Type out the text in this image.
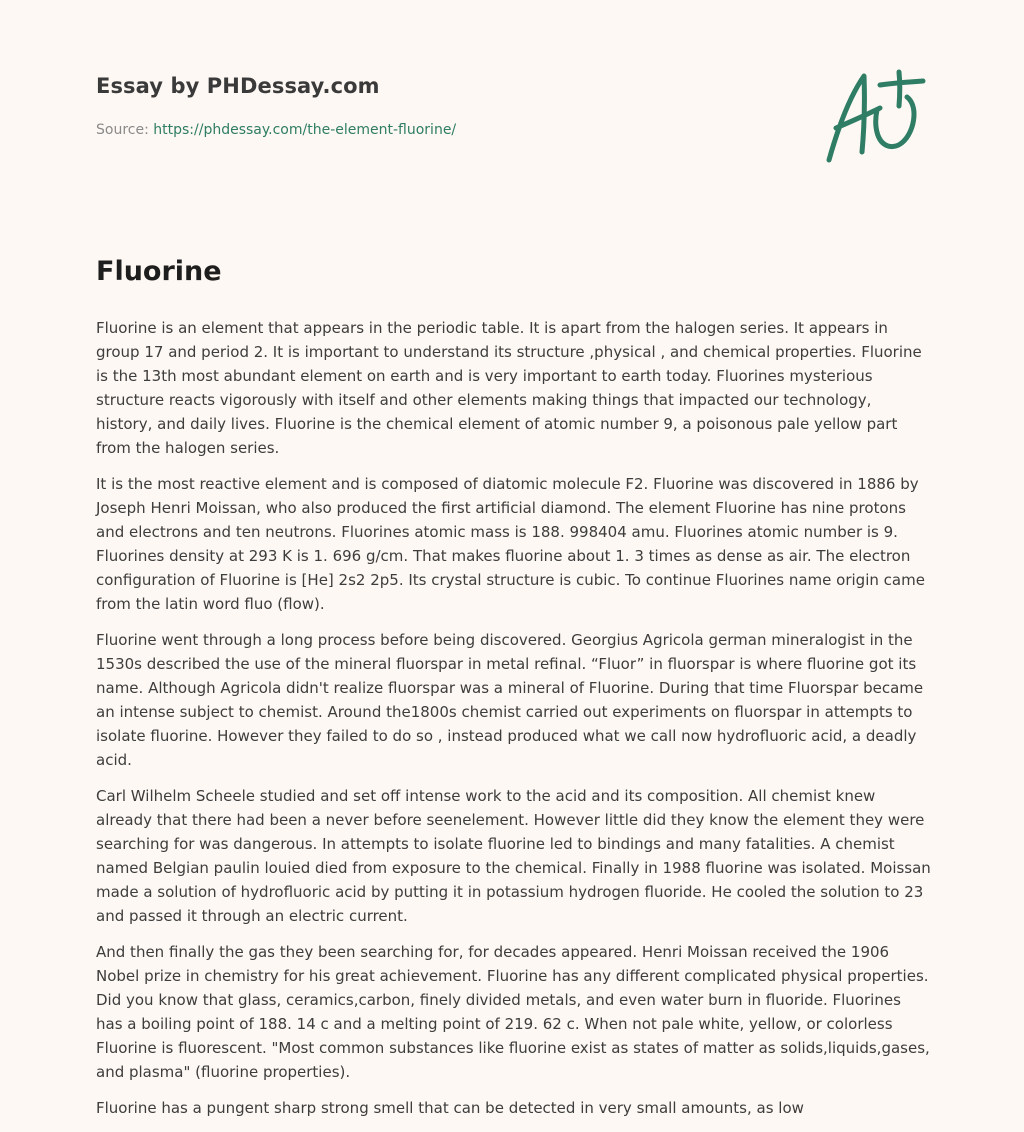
Essay by PHDessay.com
Source: https://phdessay.com/the-element-fluorine/
Fluorine

Fluorine is an element that appears in the periodic table. It is apart from the halogen series. It appears in group 17 and period 2. It is important to understand its structure ,physical , and chemical properties. Fluorine is the 13th most abundant element on earth and is very important to earth today. Fluorines mysterious structure reacts vigorously with itself and other elements making things that impacted our technology, history, and daily lives. Fluorine is the chemical element of atomic number 9, a poisonous pale yellow part from the halogen series.

It is the most reactive element and is composed of diatomic molecule F2. Fluorine was discovered in 1886 by Joseph Henri Moissan, who also produced the first artificial diamond. The element Fluorine has nine protons and electrons and ten neutrons. Fluorines atomic mass is 188. 998404 amu. Fluorines atomic number is 9. Fluorines density at 293 K is 1. 696 g/cm. That makes fluorine about 1. 3 times as dense as air. The electron configuration of Fluorine is [He] 2s2 2p5. Its crystal structure is cubic. To continue Fluorines name origin came from the latin word fluo (flow).

Fluorine went through a long process before being discovered. Georgius Agricola german mineralogist in the 1530s described the use of the mineral fluorspar in metal refinal. “Fluor” in fluorspar is where fluorine got its name. Although Agricola didn't realize fluorspar was a mineral of Fluorine. During that time Fluorspar became an intense subject to chemist. Around the1800s chemist carried out experiments on fluorspar in attempts to isolate fluorine. However they failed to do so , instead produced what we call now hydrofluoric acid, a deadly acid.

Carl Wilhelm Scheele studied and set off intense work to the acid and its composition. All chemist knew already that there had been a never before seenelement. However little did they know the element they were searching for was dangerous. In attempts to isolate fluorine led to bindings and many fatalities. A chemist named Belgian paulin louied died from exposure to the chemical. Finally in 1988 fluorine was isolated. Moissan made a solution of hydrofluoric acid by putting it in potassium hydrogen fluoride. He cooled the solution to 23 and passed it through an electric current.

And then finally the gas they been searching for, for decades appeared. Henri Moissan received the 1906 Nobel prize in chemistry for his great achievement. Fluorine has any different complicated physical properties. Did you know that glass, ceramics,carbon, finely divided metals, and even water burn in fluoride. Fluorines has a boiling point of 188. 14 c and a melting point of 219. 62 c. When not pale white, yellow, or colorless Fluorine is fluorescent. "Most common substances like fluorine exist as states of matter as solids,liquids,gases, and plasma" (fluorine properties).

Fluorine has a pungent sharp strong smell that can be detected in very small amounts, as low
